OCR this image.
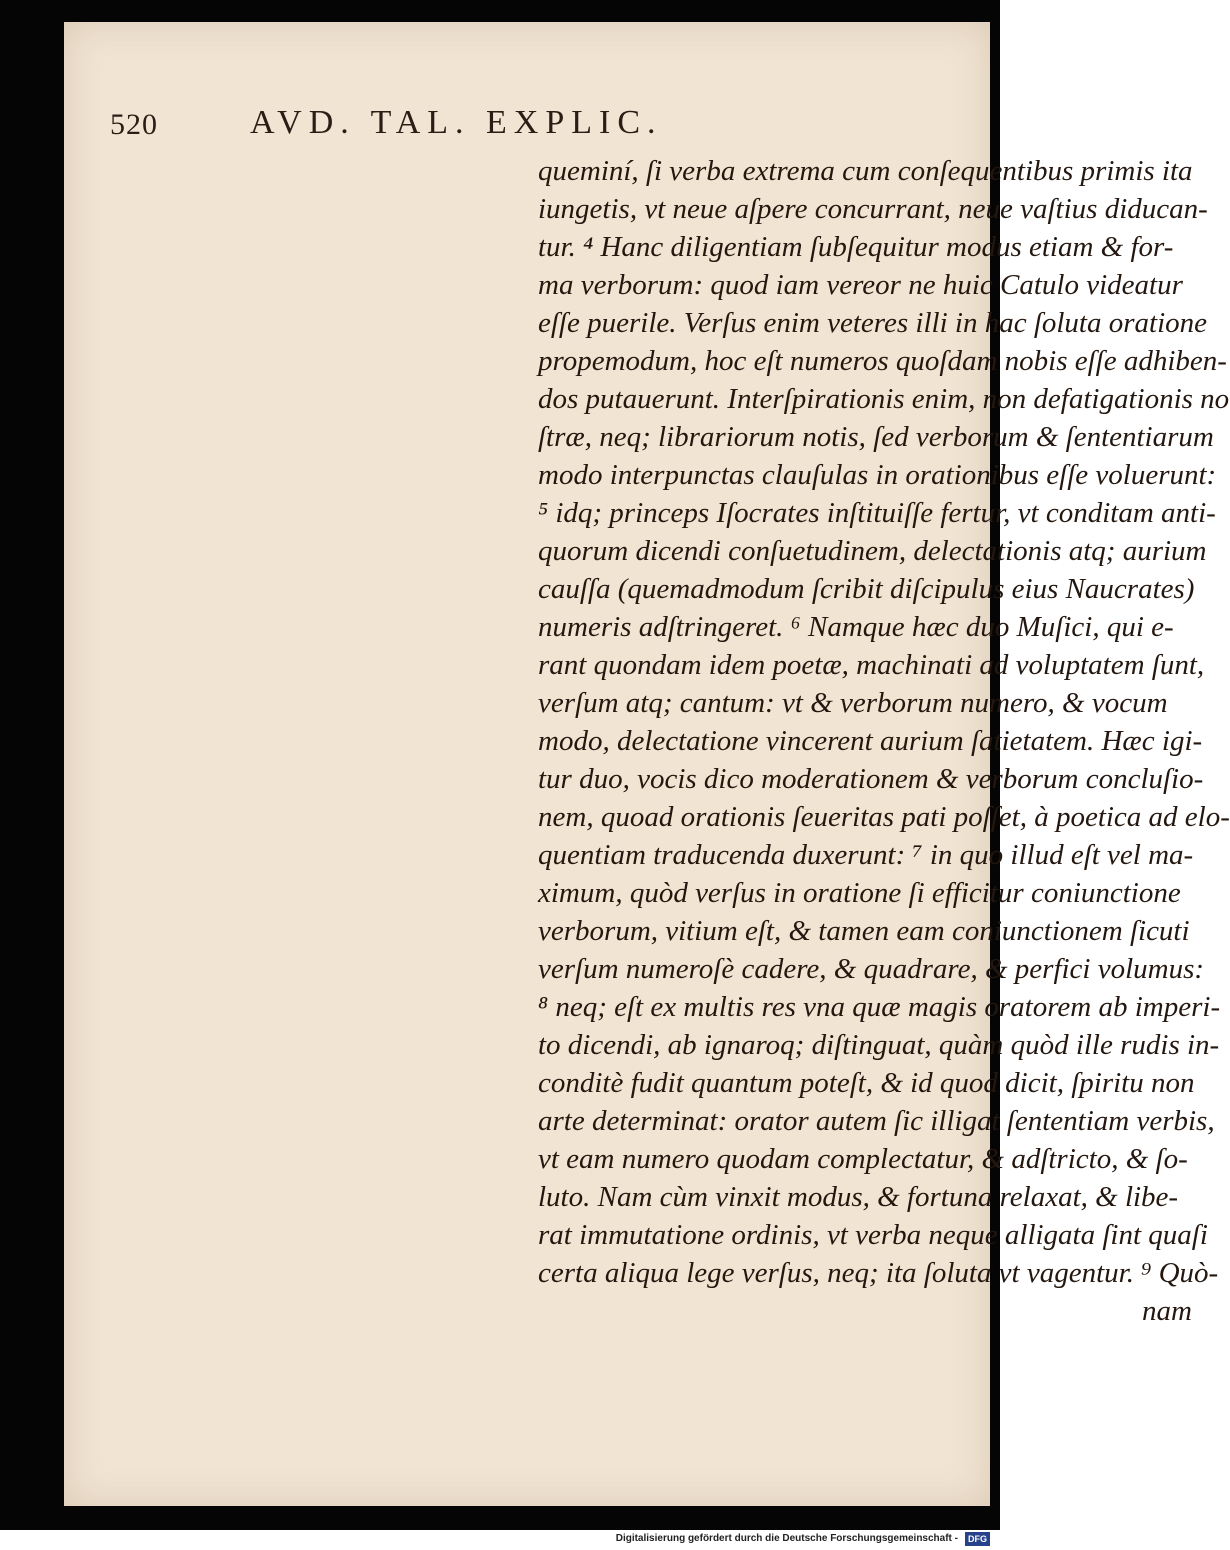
520	AVD. TAL. EXPLIC.
queminí, ſi verba extrema cum conſequentibus primis ita
iungetis, vt neue aſpere concurrant, neue vaſtius diducan-
tur. ⁴ Hanc diligentiam ſubſequitur modus etiam & for-
ma verborum: quod iam vereor ne huic Catulo videatur
eſſe puerile. Verſus enim veteres illi in hac ſoluta oratione
propemodum, hoc eſt numeros quoſdam nobis eſſe adhiben-
dos putauerunt. Interſpirationis enim, non defatigationis no
ſtræ, neq; librariorum notis, ſed verborum & ſententiarum
modo interpunctas clauſulas in orationibus eſſe voluerunt:
⁵ idq; princeps Iſocrates inſtituiſſe fertur, vt conditam anti-
quorum dicendi conſuetudinem, delectationis atq; aurium
cauſſa (quemadmodum ſcribit diſcipulus eius Naucrates)
numeris adſtringeret. ⁶ Namque hæc duo Muſici, qui e-
rant quondam idem poetæ, machinati ad voluptatem ſunt,
verſum atq; cantum: vt & verborum numero, & vocum
modo, delectatione vincerent aurium ſatietatem. Hæc igi-
tur duo, vocis dico moderationem & verborum concluſio-
nem, quoad orationis ſeueritas pati poſſet, à poetica ad elo-
quentiam traducenda duxerunt: ⁷ in quo illud eſt vel ma-
ximum, quòd verſus in oratione ſi efficitur coniunctione
verborum, vitium eſt, & tamen eam coniunctionem ſicuti
verſum numeroſè cadere, & quadrare, & perfici volumus:
⁸ neq; eſt ex multis res vna quæ magis oratorem ab imperi-
to dicendi, ab ignaroq; diſtinguat, quàm quòd ille rudis in-
conditè fudit quantum poteſt, & id quod dicit, ſpiritu non
arte determinat: orator autem ſic illigat ſententiam verbis,
vt eam numero quodam complectatur, & adſtricto, & ſo-
luto. Nam cùm vinxit modus, & fortuna relaxat, & libe-
rat immutatione ordinis, vt verba neque alligata ſint quaſi
certa aliqua lege verſus, neq; ita ſoluta vt vagentur. ⁹ Quò-
nam
Digitalisierung gefördert durch die Deutsche Forschungsgemeinschaft -	DFG
